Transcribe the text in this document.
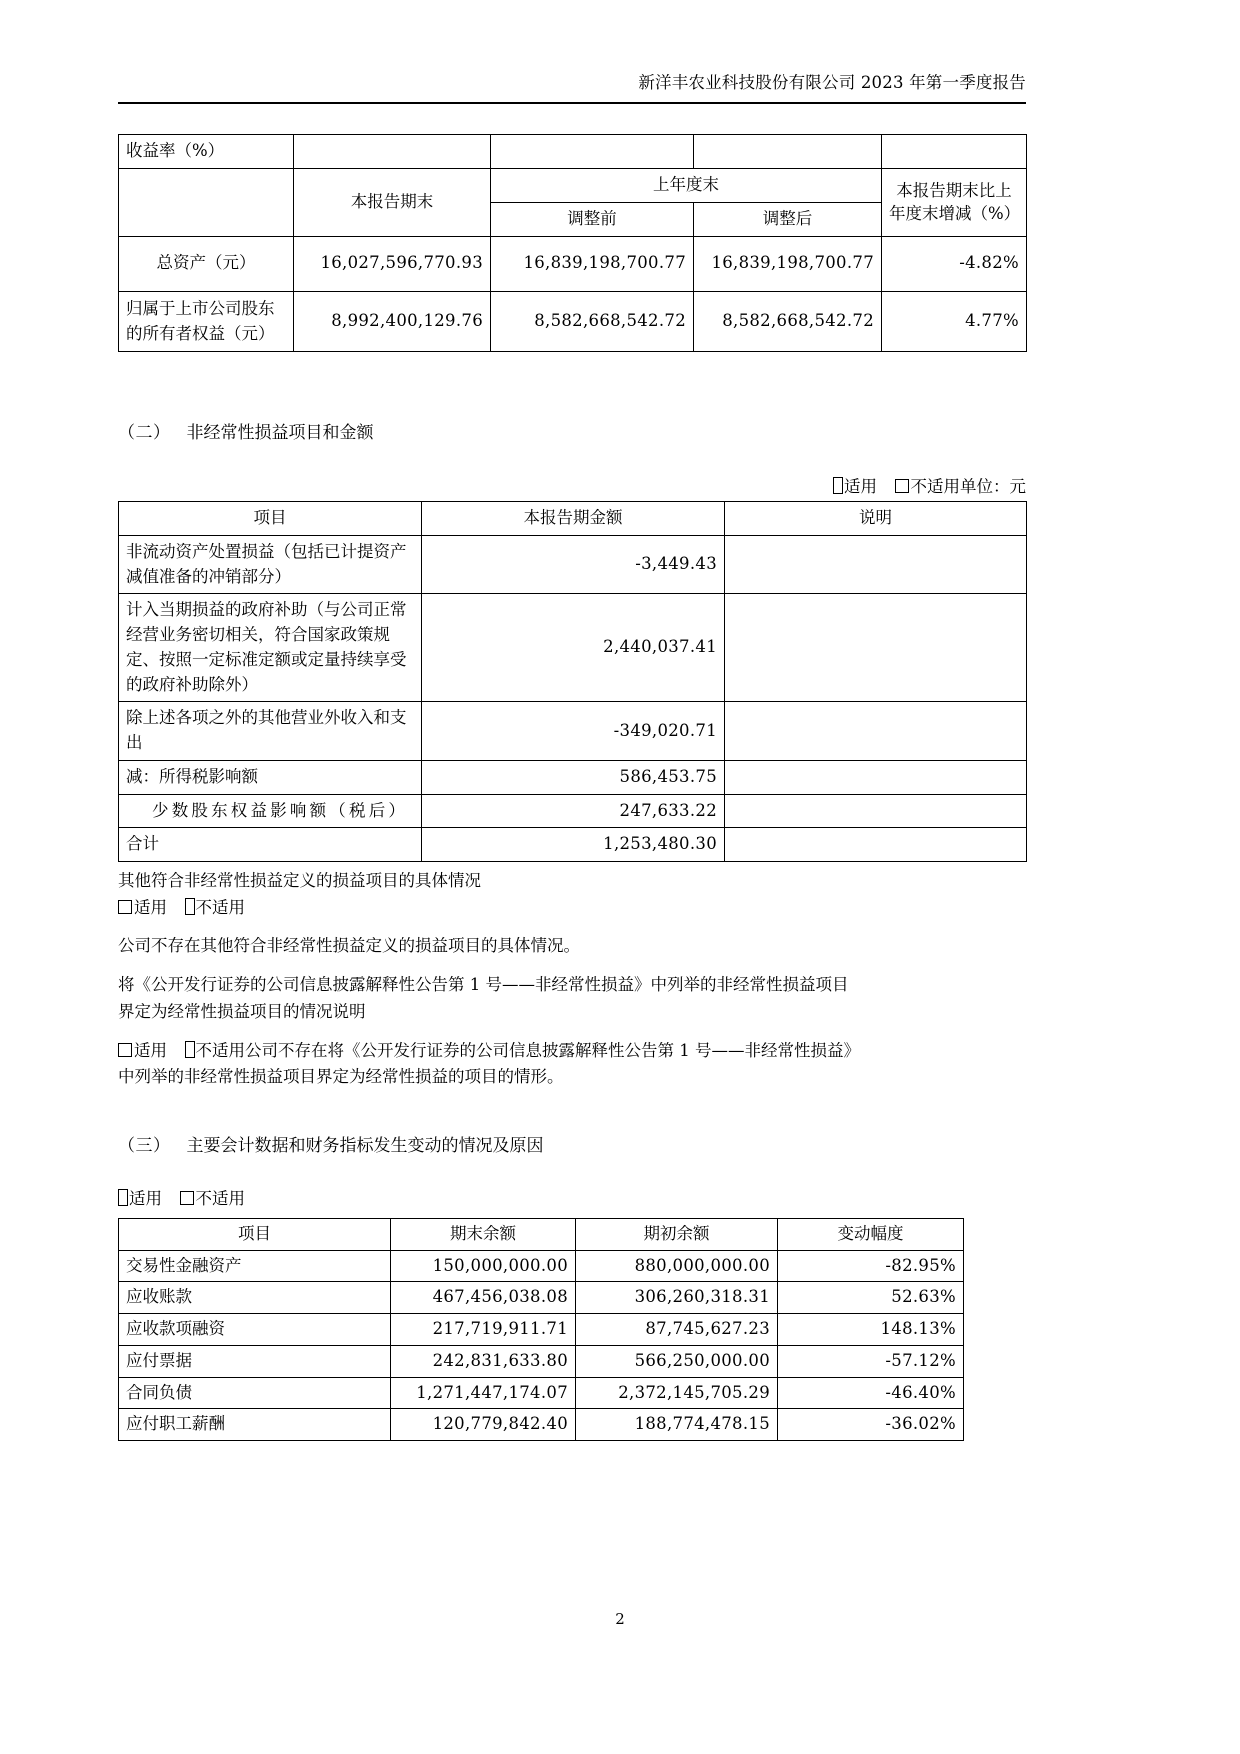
新洋丰农业科技股份有限公司 2023 年第一季度报告
收益率（%）				
	本报告期末	上年度末		本报告期末比上年度末增减（%）
		调整前	调整后	
总资产（元）	16,027,596,770.93	16,839,198,700.77	16,839,198,700.77	-4.82%
归属于上市公司股东的所有者权益（元）	8,992,400,129.76	8,582,668,542.72	8,582,668,542.72	4.77%
（二） 非经常性损益项目和金额
适用 不适用单位：元
项目	本报告期金额	说明
非流动资产处置损益（包括已计提资产减值准备的冲销部分）	-3,449.43	
计入当期损益的政府补助（与公司正常经营业务密切相关，符合国家政策规定、按照一定标准定额或定量持续享受的政府补助除外）	2,440,037.41	
除上述各项之外的其他营业外收入和支出	-349,020.71	
减：所得税影响额	586,453.75	
少数股东权益影响额（税后）	247,633.22	
合计	1,253,480.30	

其他符合非经常性损益定义的损益项目的具体情况

适用 不适用

公司不存在其他符合非经常性损益定义的损益项目的具体情况。

将《公开发行证券的公司信息披露解释性公告第 1 号——非经常性损益》中列举的非经常性损益项目

界定为经常性损益项目的情况说明

适用 不适用公司不存在将《公开发行证券的公司信息披露解释性公告第 1 号——非经常性损益》

中列举的非经常性损益项目界定为经常性损益的项目的情形。

（三） 主要会计数据和财务指标发生变动的情况及原因
适用 不适用
项目	期末余额	期初余额	变动幅度
交易性金融资产	150,000,000.00	880,000,000.00	-82.95%
应收账款	467,456,038.08	306,260,318.31	52.63%
应收款项融资	217,719,911.71	87,745,627.23	148.13%
应付票据	242,831,633.80	566,250,000.00	-57.12%
合同负债	1,271,447,174.07	2,372,145,705.29	-46.40%
应付职工薪酬	120,779,842.40	188,774,478.15	-36.02%
2
